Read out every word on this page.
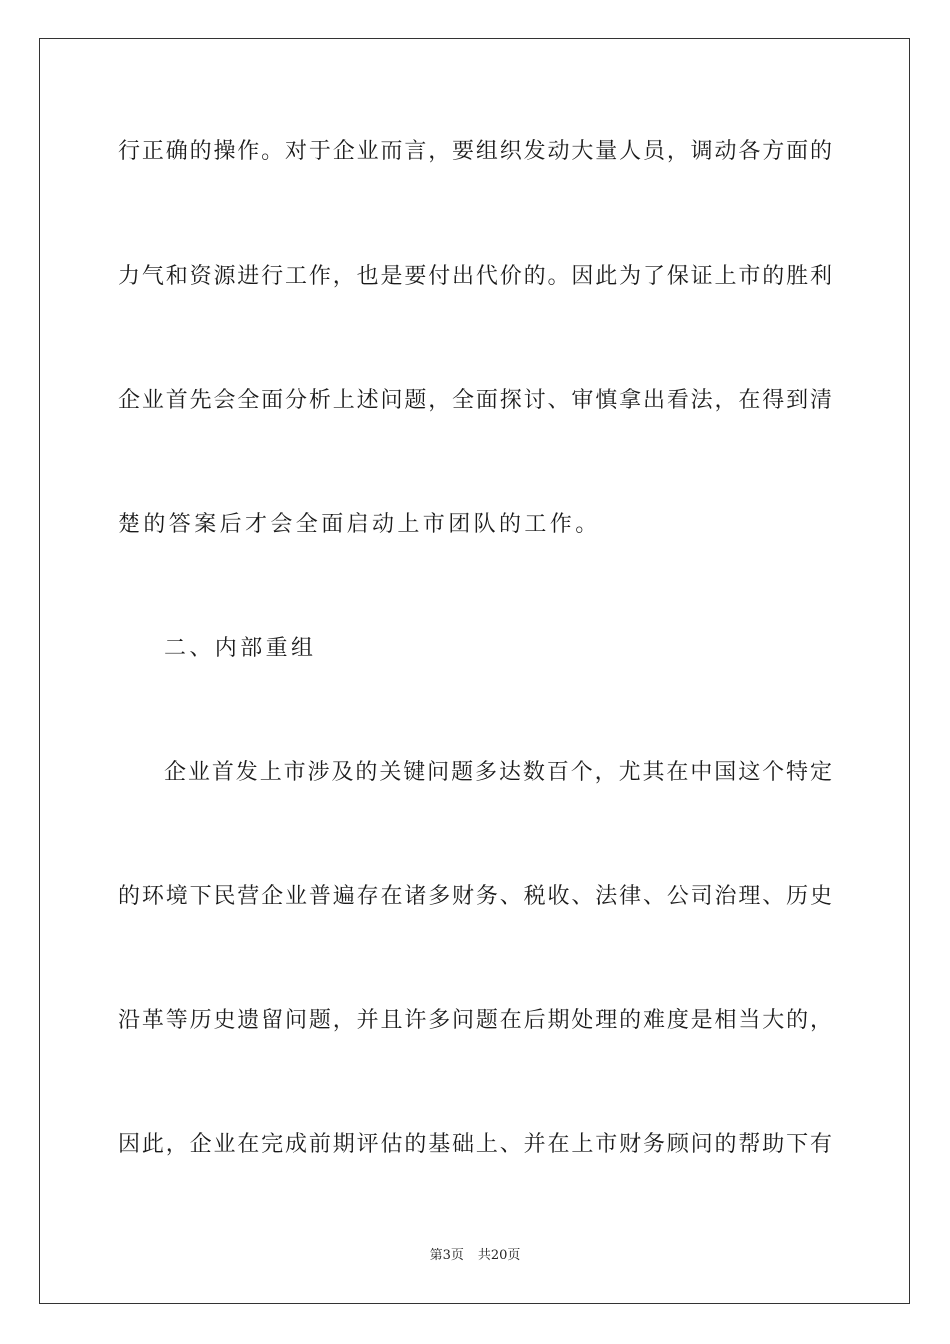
行正确的操作。对于企业而言，要组织发动大量人员，调动各方面的
力气和资源进行工作，也是要付出代价的。因此为了保证上市的胜利
企业首先会全面分析上述问题，全面探讨、审慎拿出看法，在得到清
楚的答案后才会全面启动上市团队的工作。
二、内部重组
企业首发上市涉及的关键问题多达数百个，尤其在中国这个特定
的环境下民营企业普遍存在诸多财务、税收、法律、公司治理、历史
沿革等历史遗留问题，并且许多问题在后期处理的难度是相当大的，
因此，企业在完成前期评估的基础上、并在上市财务顾问的帮助下有
第3页 共20页
